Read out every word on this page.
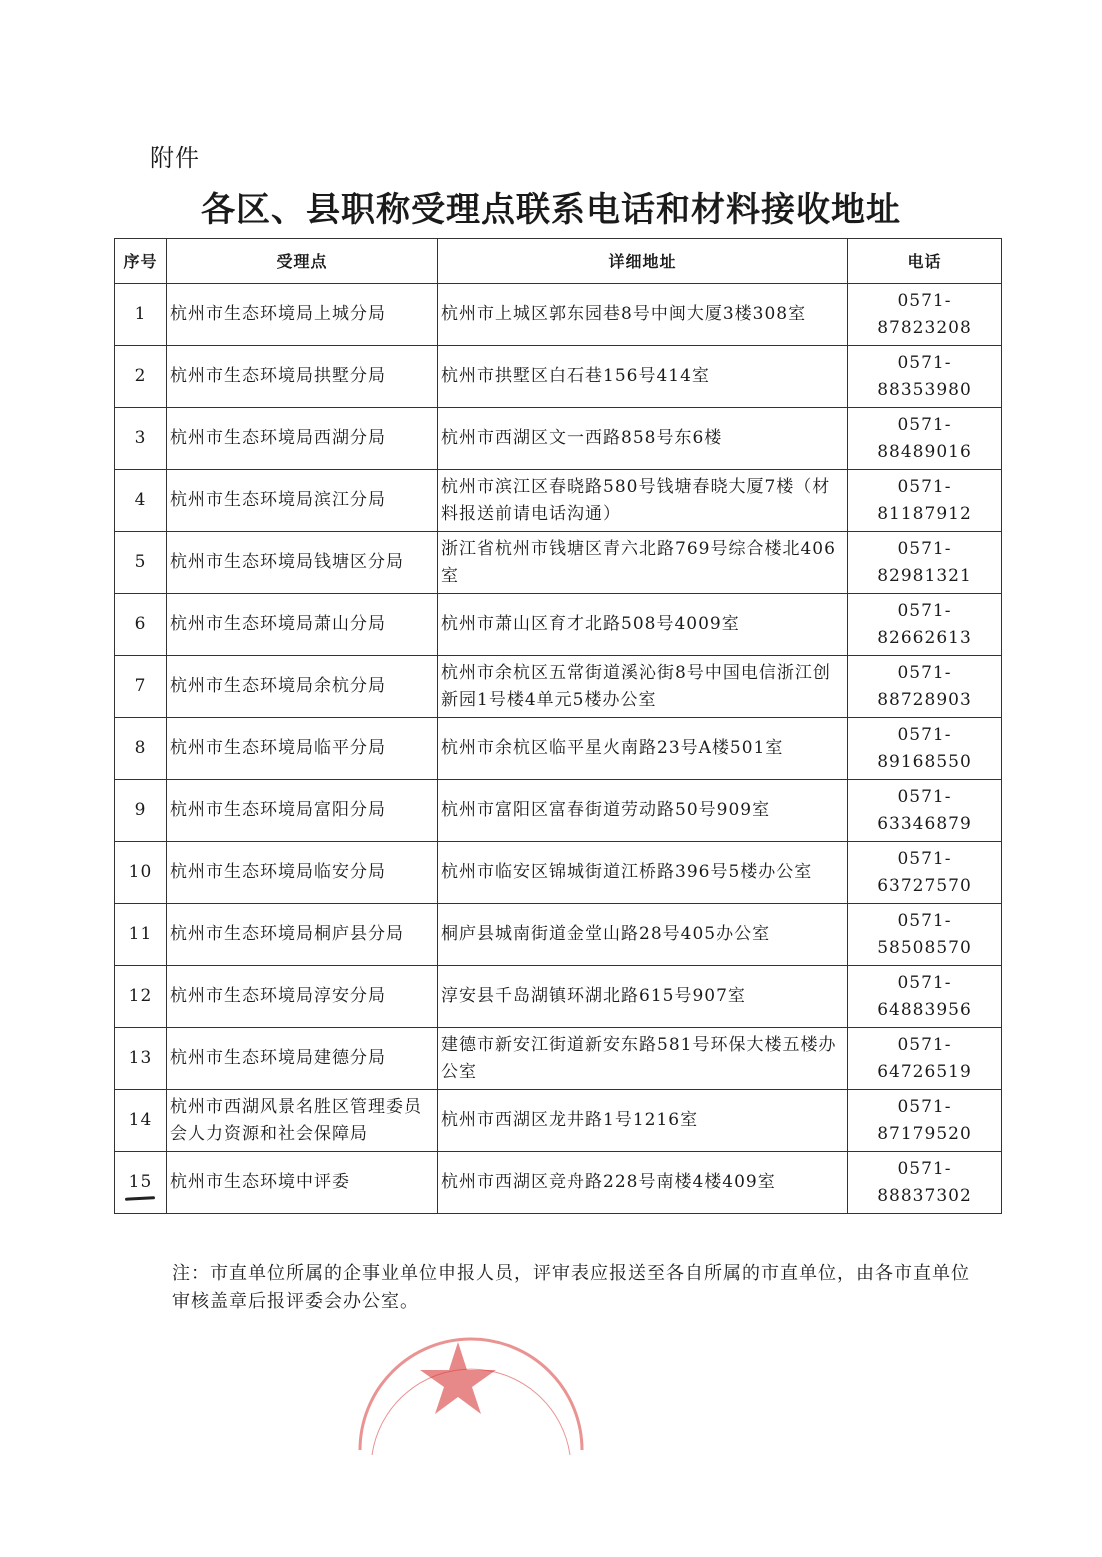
附件
各区、县职称受理点联系电话和材料接收地址
序号	受理点	详细地址	电话
1	杭州市生态环境局上城分局	杭州市上城区郭东园巷8号中闽大厦3楼308室	0571-87823208
2	杭州市生态环境局拱墅分局	杭州市拱墅区白石巷156号414室	0571-88353980
3	杭州市生态环境局西湖分局	杭州市西湖区文一西路858号东6楼	0571-88489016
4	杭州市生态环境局滨江分局	杭州市滨江区春晓路580号钱塘春晓大厦7楼（材料报送前请电话沟通）	0571-81187912
5	杭州市生态环境局钱塘区分局	浙江省杭州市钱塘区青六北路769号综合楼北406室	0571-82981321
6	杭州市生态环境局萧山分局	杭州市萧山区育才北路508号4009室	0571-82662613
7	杭州市生态环境局余杭分局	杭州市余杭区五常街道溪沁街8号中国电信浙江创新园1号楼4单元5楼办公室	0571-88728903
8	杭州市生态环境局临平分局	杭州市余杭区临平星火南路23号A楼501室	0571-89168550
9	杭州市生态环境局富阳分局	杭州市富阳区富春街道劳动路50号909室	0571-63346879
10	杭州市生态环境局临安分局	杭州市临安区锦城街道江桥路396号5楼办公室	0571-63727570
11	杭州市生态环境局桐庐县分局	桐庐县城南街道金堂山路28号405办公室	0571-58508570
12	杭州市生态环境局淳安分局	淳安县千岛湖镇环湖北路615号907室	0571-64883956
13	杭州市生态环境局建德分局	建德市新安江街道新安东路581号环保大楼五楼办公室	0571-64726519
14	杭州市西湖风景名胜区管理委员会人力资源和社会保障局	杭州市西湖区龙井路1号1216室	0571-87179520
15	杭州市生态环境中评委	杭州市西湖区竞舟路228号南楼4楼409室	0571-88837302
注：市直单位所属的企事业单位申报人员，评审表应报送至各自所属的市直单位，由各市直单位审核盖章后报评委会办公室。
